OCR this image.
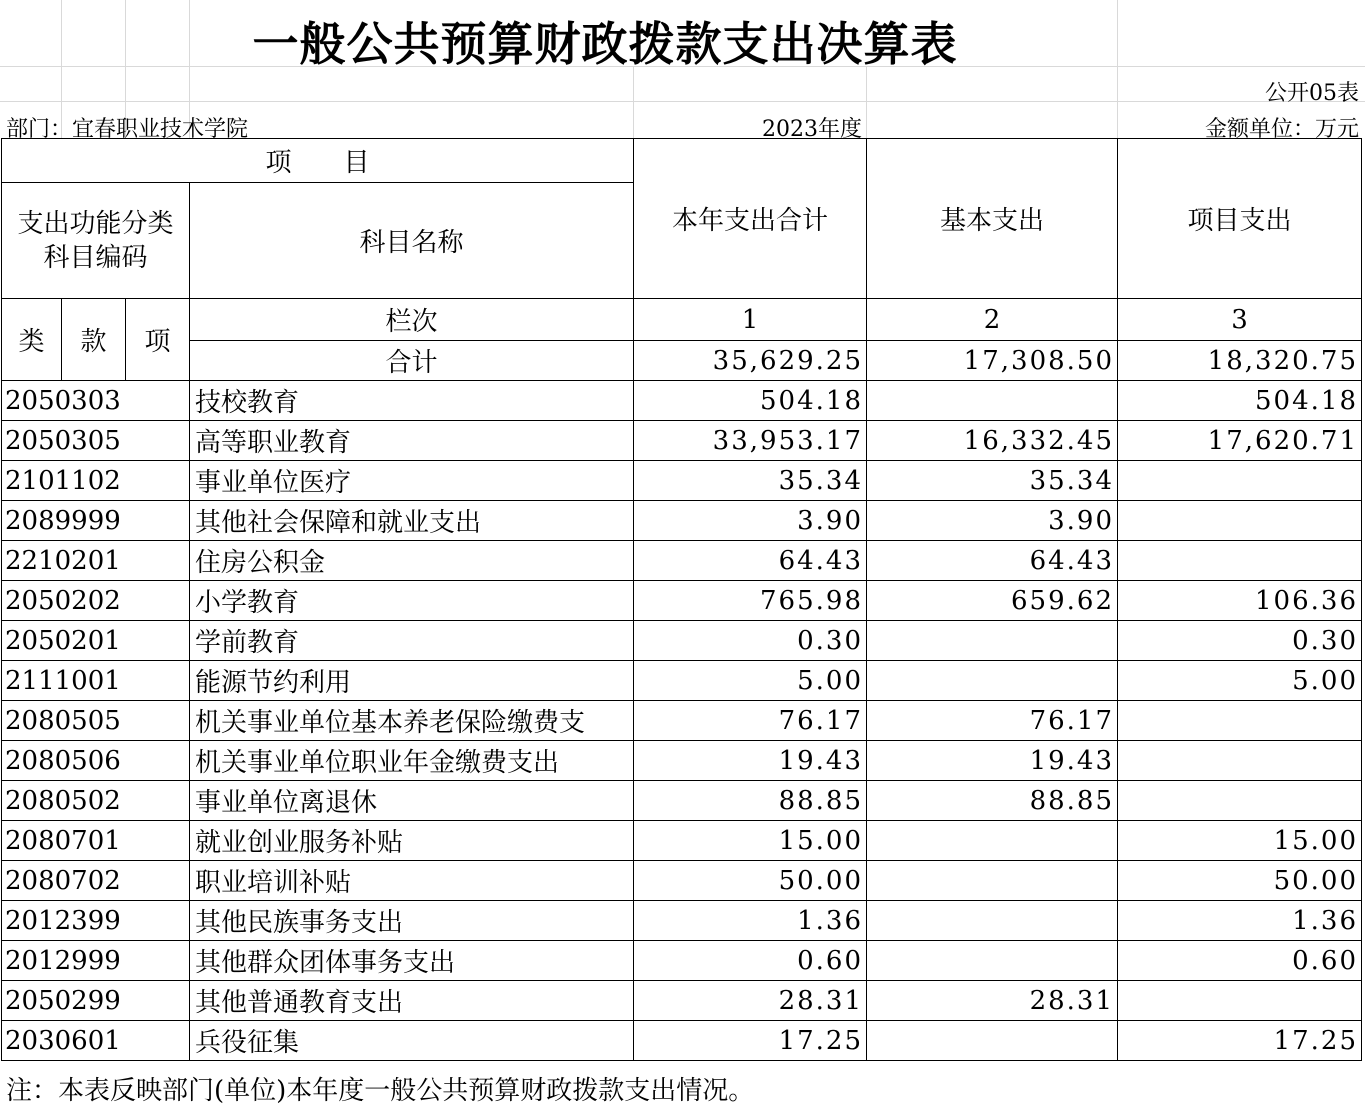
一般公共预算财政拨款支出决算表
公开05表
部门：宜春职业技术学院	2023年度	金额单位：万元
项　　目				本年支出合计	基本支出	项目支出
支出功能分类科目编码			科目名称			
类	款	项	栏次	1	2	3
			合计	35,629.25	17,308.50	18,320.75
2050303			技校教育	504.18		504.18
2050305			高等职业教育	33,953.17	16,332.45	17,620.71
2101102			事业单位医疗	35.34	35.34	
2089999			其他社会保障和就业支出	3.90	3.90	
2210201			住房公积金	64.43	64.43	
2050202			小学教育	765.98	659.62	106.36
2050201			学前教育	0.30		0.30
2111001			能源节约利用	5.00		5.00
2080505			机关事业单位基本养老保险缴费支	76.17	76.17	
2080506			机关事业单位职业年金缴费支出	19.43	19.43	
2080502			事业单位离退休	88.85	88.85	
2080701			就业创业服务补贴	15.00		15.00
2080702			职业培训补贴	50.00		50.00
2012399			其他民族事务支出	1.36		1.36
2012999			其他群众团体事务支出	0.60		0.60
2050299			其他普通教育支出	28.31	28.31	
2030601			兵役征集	17.25		17.25
注：本表反映部门(单位)本年度一般公共预算财政拨款支出情况。
